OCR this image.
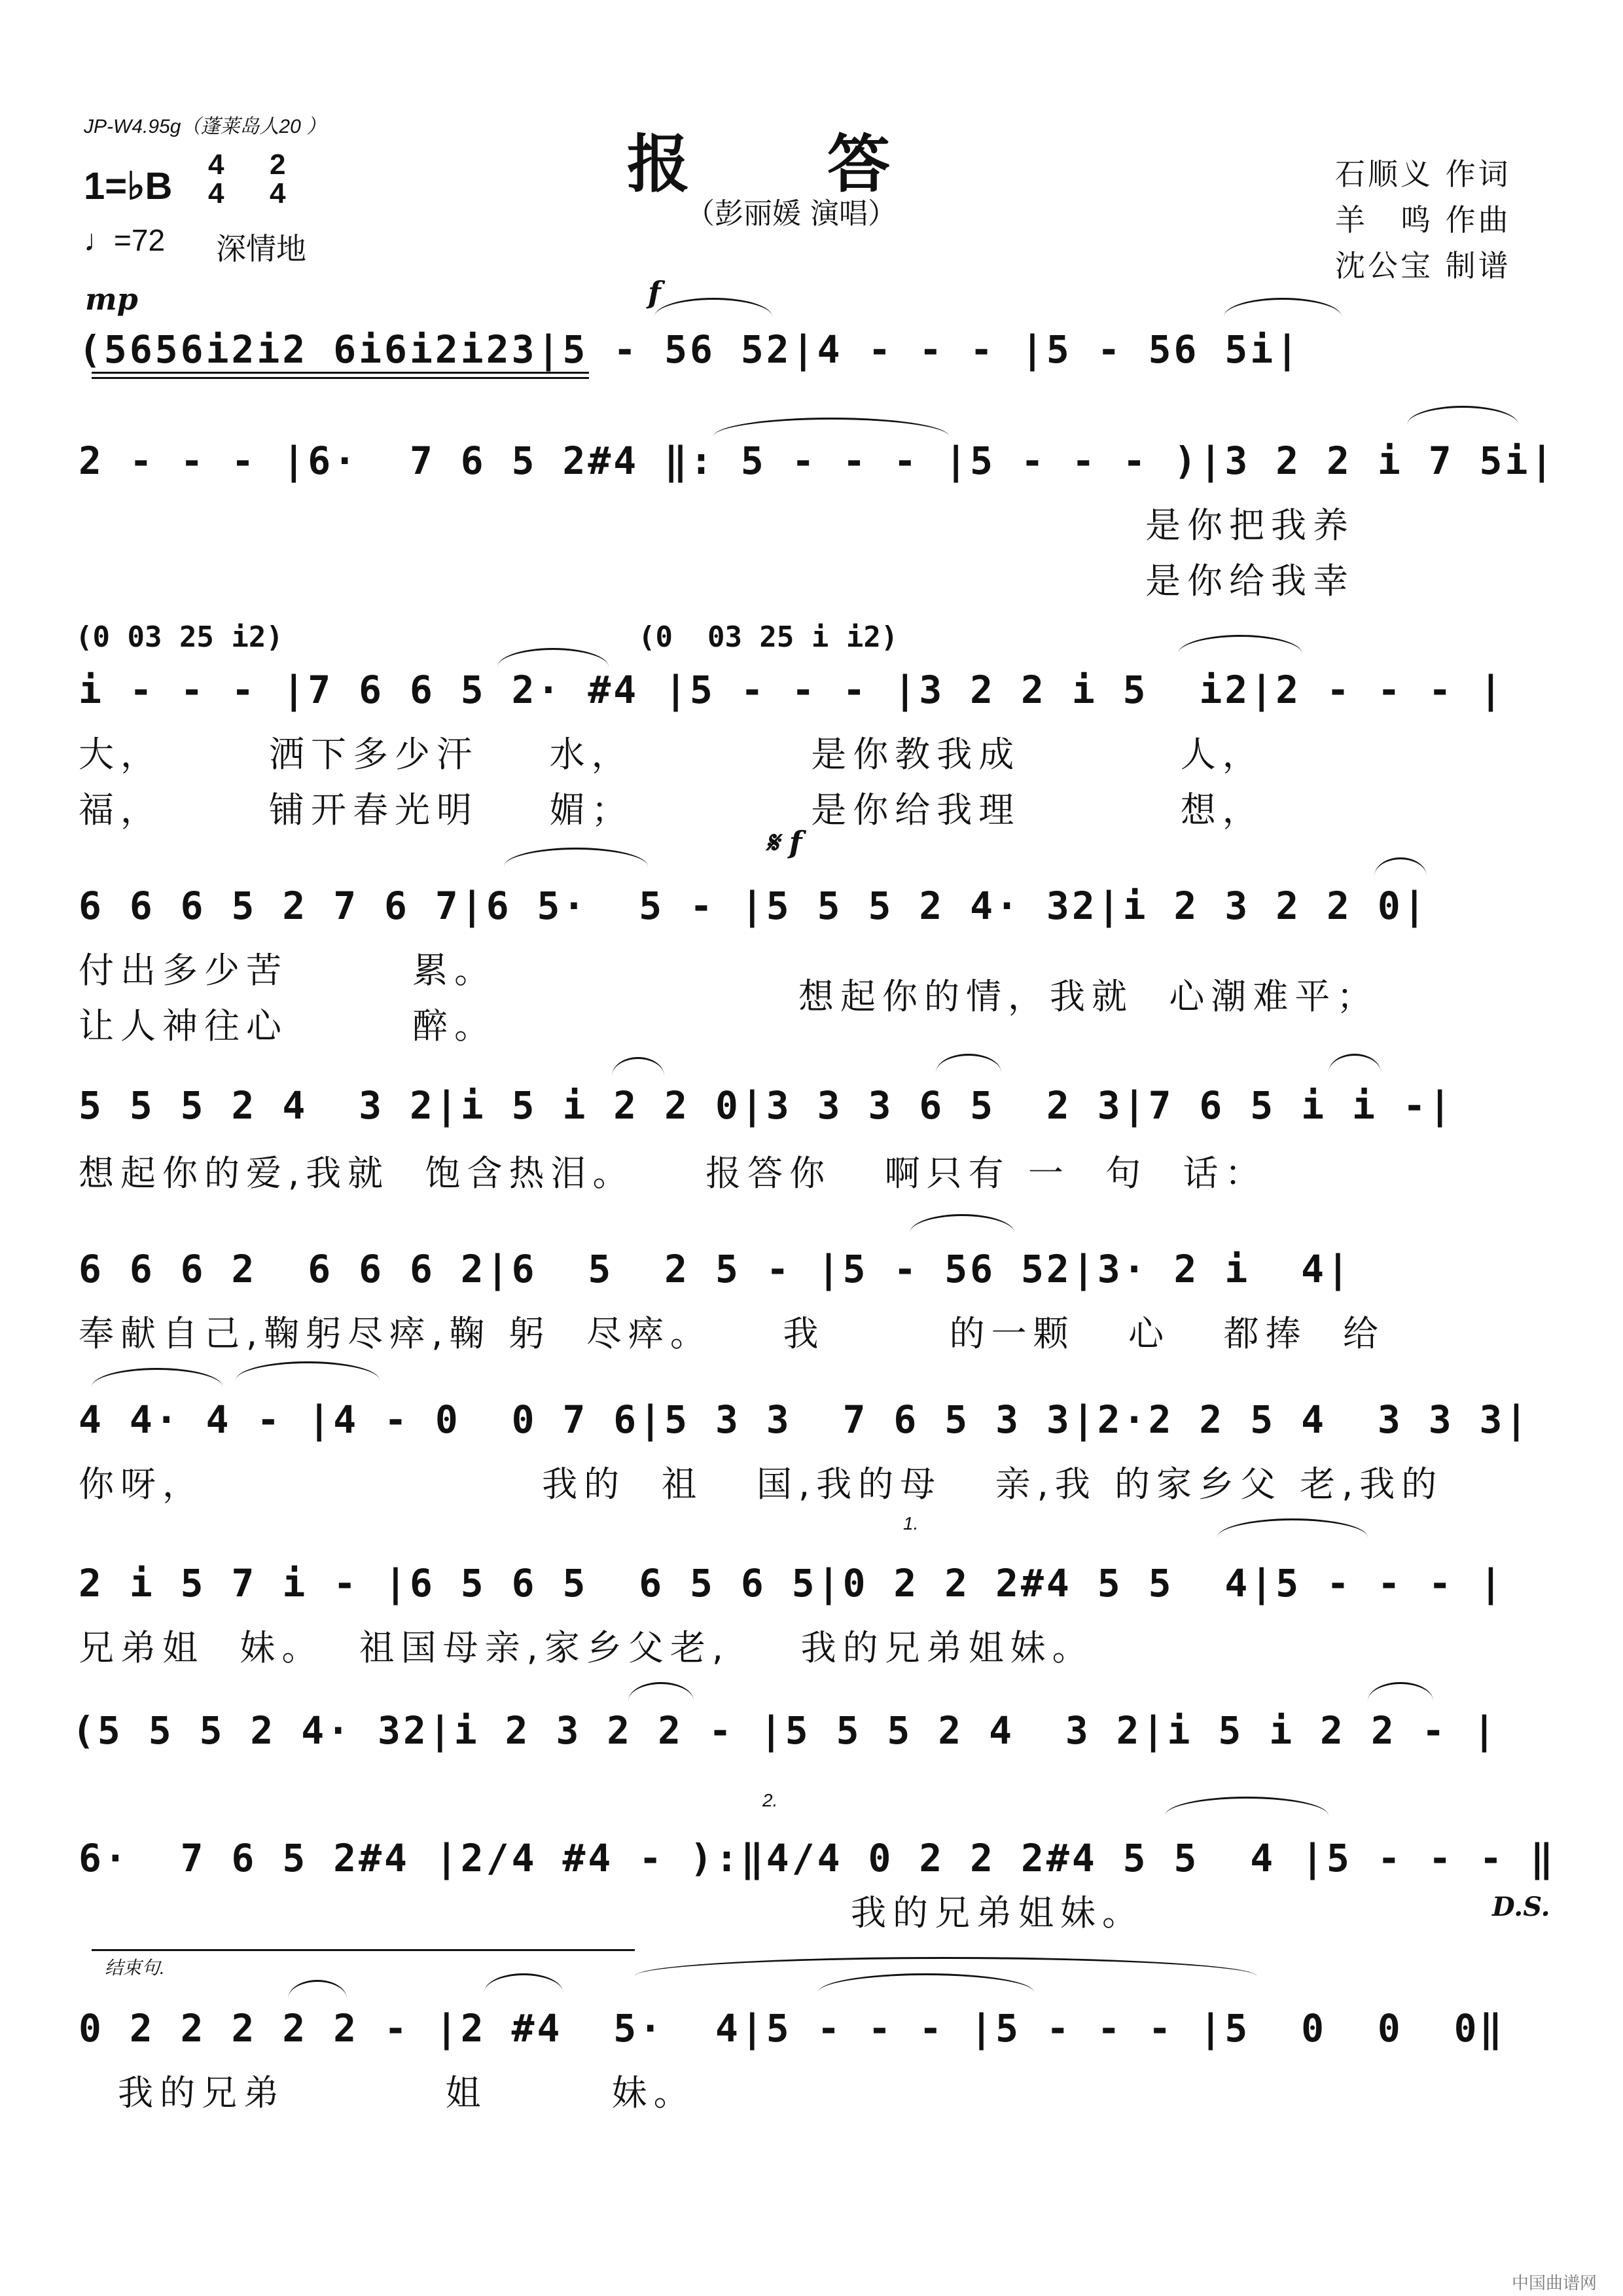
JP-W4.95g（蓬莱岛人20 ）
报答
（彭丽媛 演唱）
1=♭B
4
4
2
4
♩=72 深情地
石顺义 作词
羊　鸣 作曲
沈公宝 制谱
mp	f
(5656i2i2 6i6i2i23|5 - 56 52|4 - - - |5 - 56 5i|
2 - - - |6·  7 6 5 2#4 ‖: 5 - - - |5 - - - )|3 2 2 i 7 5i|
是你把我养
是你给我幸
(0 03 25 i2)	(0  03 25 i i2)
i - - - |7 6 6 5 2· #4 |5 - - - |3 2 2 i 5  i2|2 - - - |
大，      洒下多少汗    水，          是你教我成         人，
福，      铺开春光明    媚；          是你给我理         想，
𝄋 f
6 6 6 5 2 7 6 7|6 5·  5 - |5 5 5 2 4· 32|i 2 3 2 2 0|
付出多少苦       累。
让人神往心       醉。
想起你的情，我就  心潮难平；
5 5 5 2 4  3 2|i 5 i 2 2 0|3 3 3 6 5  2 3|7 6 5 i i -|
想起你的爱,我就  饱含热泪。    报答你   啊只有 一  句  话：
6 6 6 2  6 6 6 2|6  5  2 5 - |5 - 56 52|3· 2 i  4|
奉献自己,鞠躬尽瘁,鞠 躬  尽瘁。    我       的一颗   心   都捧  给
4 4· 4 - |4 - 0  0 7 6|5 3 3  7 6 5 3 3|2·2 2 5 4  3 3 3|
你呀，                   我的  祖   国,我的母   亲,我 的家乡父 老,我的
1.
2 i 5 7 i - |6 5 6 5  6 5 6 5|0 2 2 2#4 5 5  4|5 - - - |
兄弟姐  妹。  祖国母亲,家乡父老,    我的兄弟姐妹。
(5 5 5 2 4· 32|i 2 3 2 2 - |5 5 5 2 4  3 2|i 5 i 2 2 - |
2.
6·  7 6 5 2#4 |2/4 #4 - ):‖4/4 0 2 2 2#4 5 5  4 |5 - - - ‖
我的兄弟姐妹。	D.S.
结束句.
0 2 2 2 2 2 - |2 #4  5·  4|5 - - - |5 - - - |5  0  0  0‖
我的兄弟         姐       妹。
中国曲谱网
